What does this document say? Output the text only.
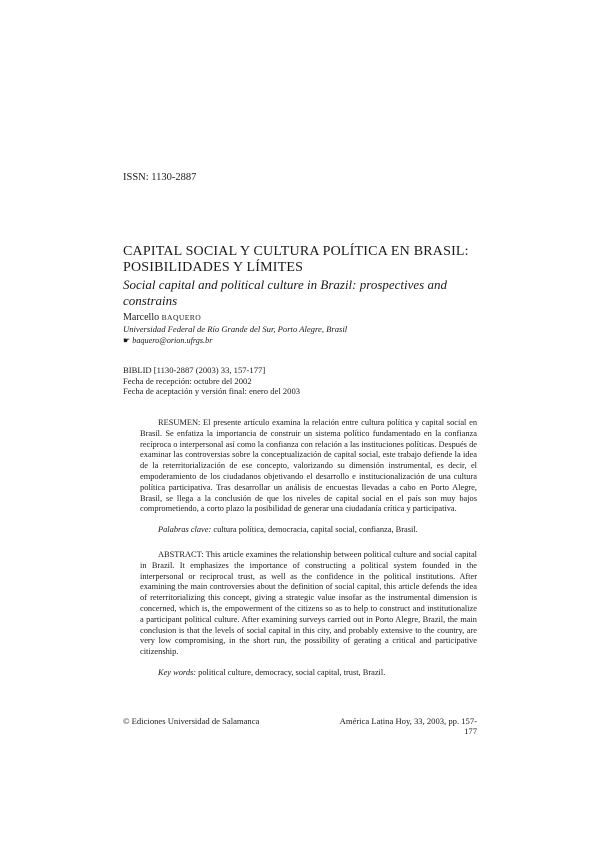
ISSN: 1130-2887
CAPITAL SOCIAL Y CULTURA POLÍTICA EN BRASIL:
POSIBILIDADES Y LÍMITES
Social capital and political culture in Brazil: prospectives and constrains
Marcello BAQUERO
Universidad Federal de Río Grande del Sur, Porto Alegre, Brasil
☛ baquero@orion.ufrgs.br
BIBLID [1130-2887 (2003) 33, 157-177]
Fecha de recepción: octubre del 2002
Fecha de aceptación y versión final: enero del 2003

RESUMEN: El presente artículo examina la relación entre cultura política y capital social en Brasil. Se enfatiza la importancia de construir un sistema político fundamentado en la confianza recíproca o interpersonal así como la confianza con relación a las instituciones políticas. Después de examinar las controversias sobre la conceptualización de capital social, este trabajo defiende la idea de la reterritorialización de ese concepto, valorizando su dimensión instrumental, es decir, el empoderamiento de los ciudadanos objetivando el desarrollo e institucionalización de una cultura política participativa. Tras desarrollar un análisis de encuestas llevadas a cabo en Porto Alegre, Brasil, se llega a la conclusión de que los niveles de capital social en el país son muy bajos comprometiendo, a corto plazo la posibilidad de generar una ciudadanía crítica y participativa.

Palabras clave: cultura política, democracia, capital social, confianza, Brasil.

ABSTRACT: This article examines the relationship between political culture and social capital in Brazil. It emphasizes the importance of constructing a political system founded in the interpersonal or reciprocal trust, as well as the confidence in the political institutions. After examining the main controversies about the definition of social capital, this article defends the idea of reterritorializing this concept, giving a strategic value insofar as the instrumental dimension is concerned, which is, the empowerment of the citizens so as to help to construct and institutionalize a participant political culture. After examining surveys carried out in Porto Alegre, Brazil, the main conclusion is that the levels of social capital in this city, and probably extensive to the country, are very low compromising, in the short run, the possibility of gerating a critical and participative citizenship.

Key words: political culture, democracy, social capital, trust, Brazil.

© Ediciones Universidad de Salamanca	América Latina Hoy, 33, 2003, pp. 157-177
